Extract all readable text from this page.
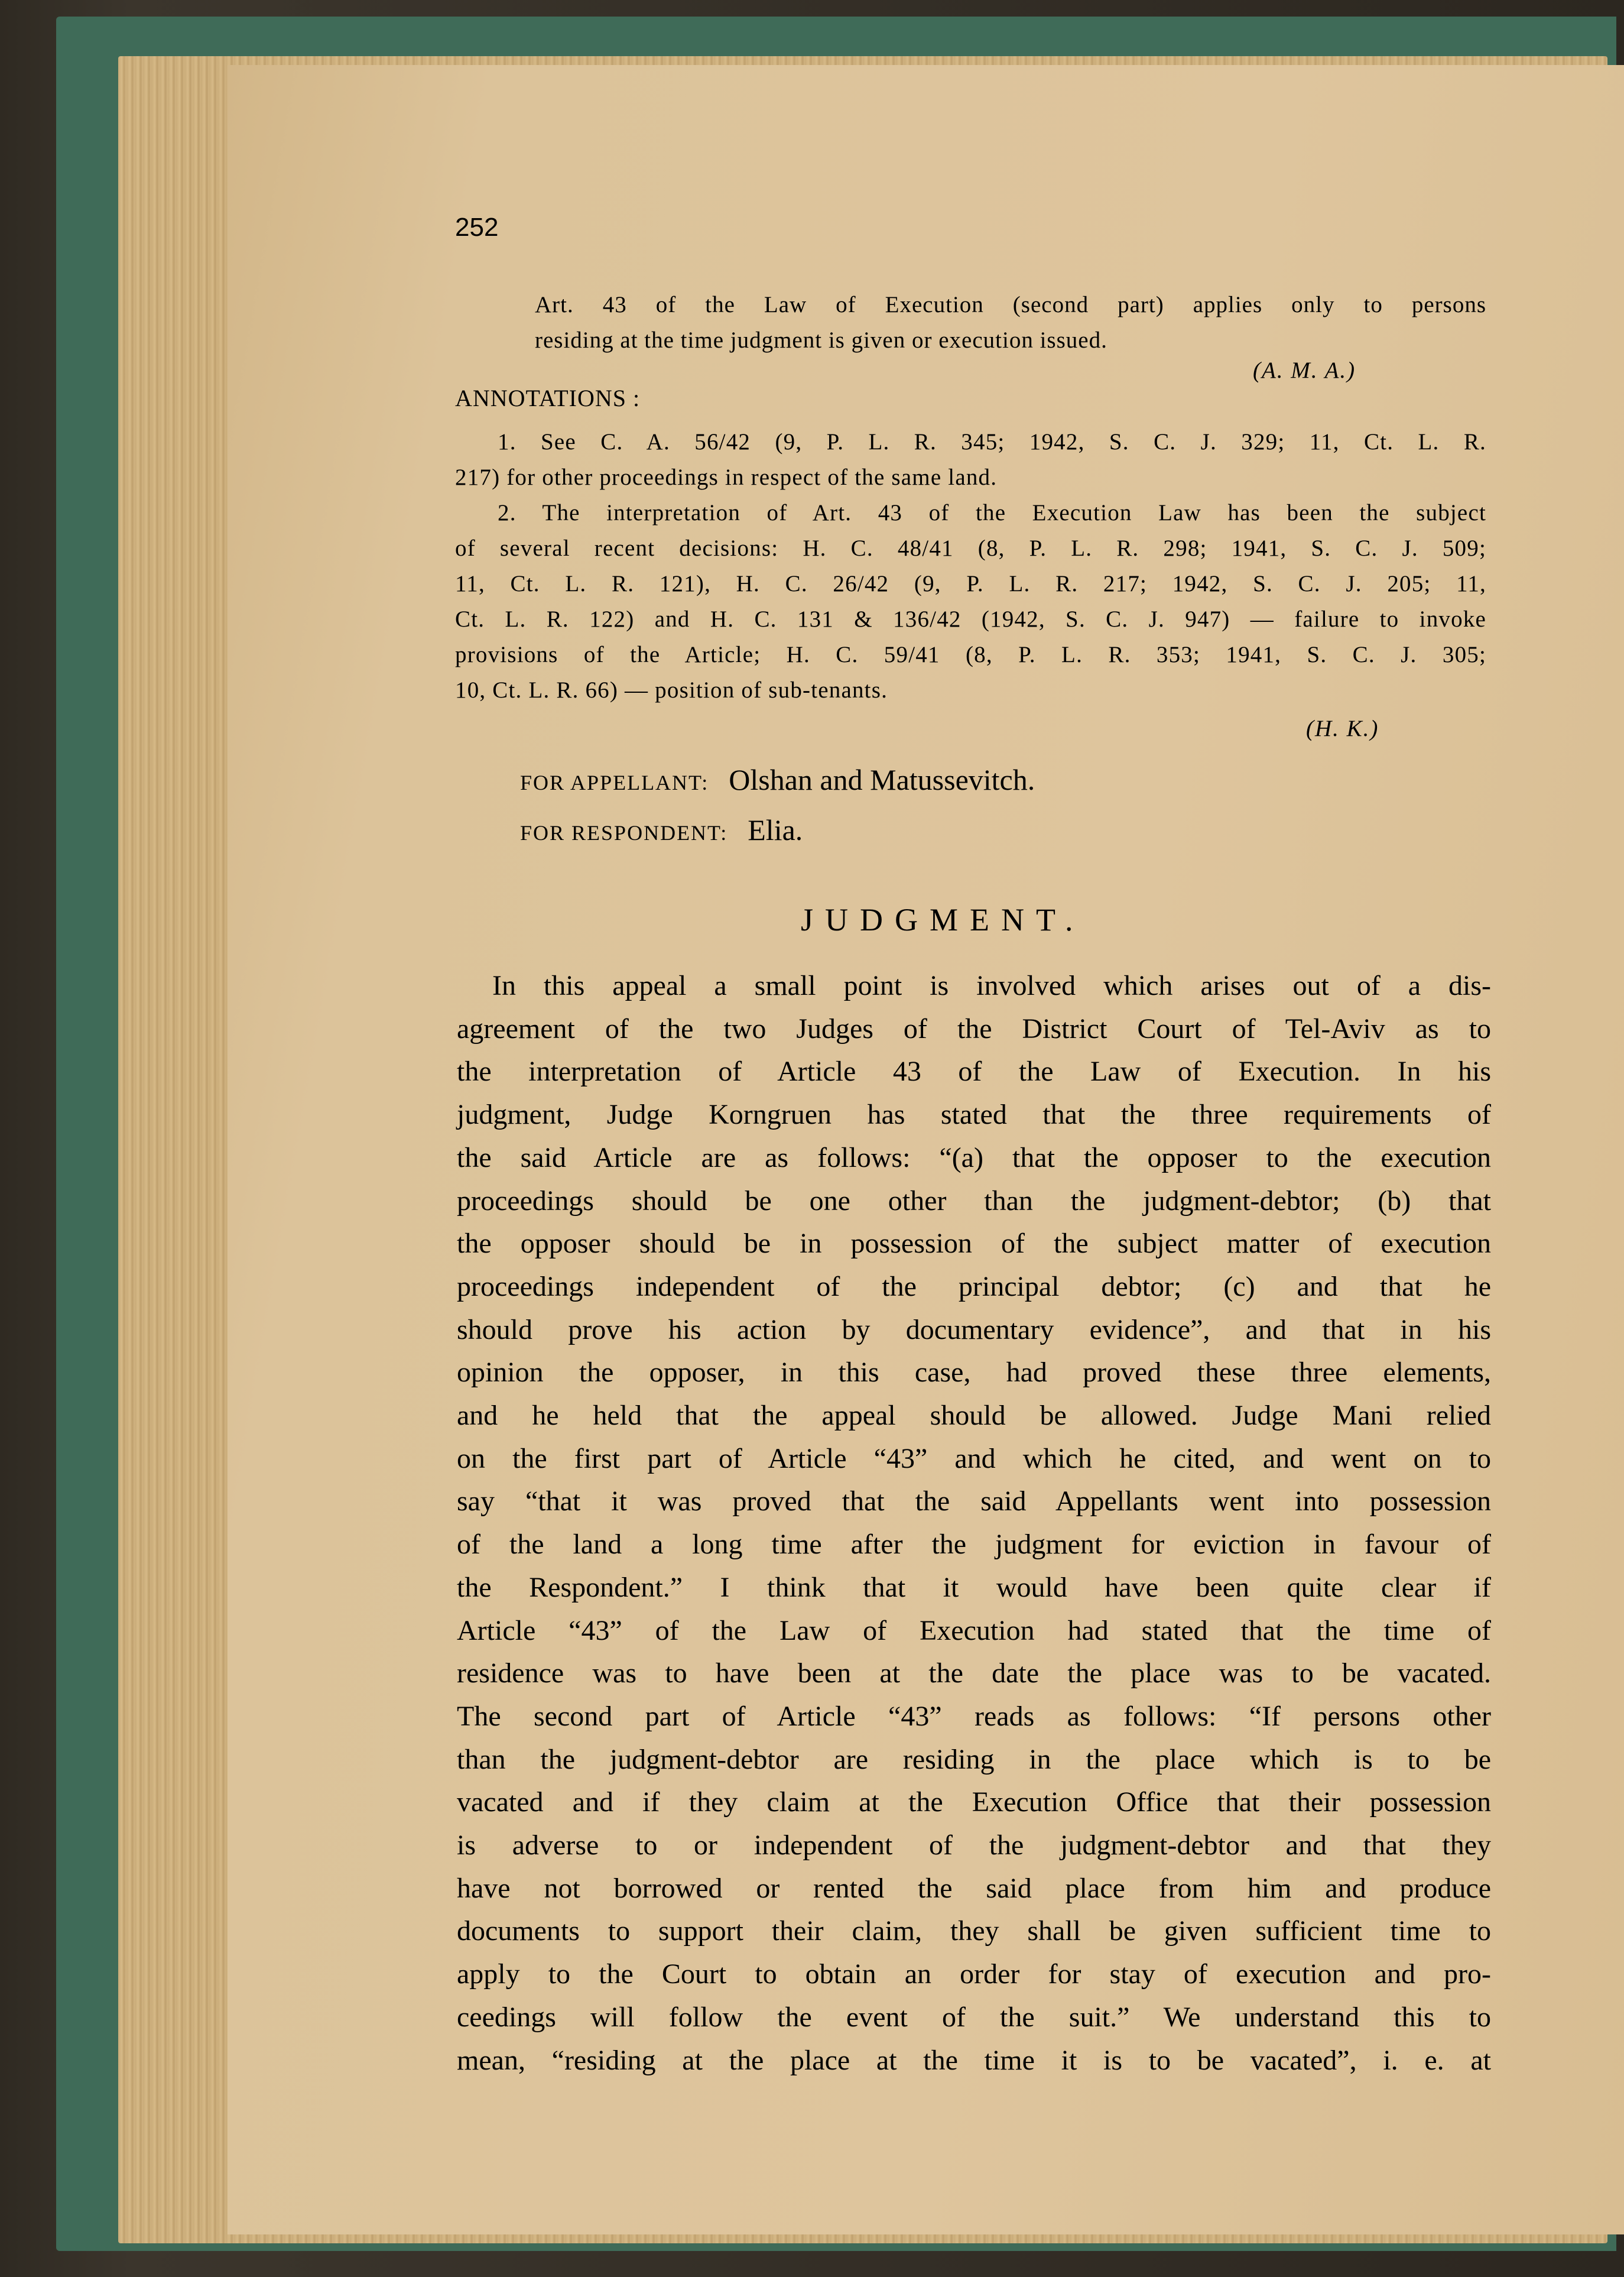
252
Art. 43 of the Law of Execution (second part) applies only to persons
residing at the time judgment is given or execution issued.
(A. M. A.)
ANNOTATIONS :
1. See C. A. 56/42 (9, P. L. R. 345; 1942, S. C. J. 329; 11, Ct. L. R.
217) for other proceedings in respect of the same land.
2. The interpretation of Art. 43 of the Execution Law has been the subject
of several recent decisions: H. C. 48/41 (8, P. L. R. 298; 1941, S. C. J. 509;
11, Ct. L. R. 121), H. C. 26/42 (9, P. L. R. 217; 1942, S. C. J. 205; 11,
Ct. L. R. 122) and H. C. 131 & 136/42 (1942, S. C. J. 947) — failure to invoke
provisions of the Article; H. C. 59/41 (8, P. L. R. 353; 1941, S. C. J. 305;
10, Ct. L. R. 66) — position of sub-tenants.
(H. K.)
FOR APPELLANT: Olshan and Matussevitch.
FOR RESPONDENT: Elia.
JUDGMENT.
In this appeal a small point is involved which arises out of a dis-
agreement of the two Judges of the District Court of Tel-Aviv as to
the interpretation of Article 43 of the Law of Execution. In his
judgment, Judge Korngruen has stated that the three requirements of
the said Article are as follows: “(a) that the opposer to the execution
proceedings should be one other than the judgment-debtor; (b) that
the opposer should be in possession of the subject matter of execution
proceedings independent of the principal debtor; (c) and that he
should prove his action by documentary evidence”, and that in his
opinion the opposer, in this case, had proved these three elements,
and he held that the appeal should be allowed. Judge Mani relied
on the first part of Article “43” and which he cited, and went on to
say “that it was proved that the said Appellants went into possession
of the land a long time after the judgment for eviction in favour of
the Respondent.” I think that it would have been quite clear if
Article “43” of the Law of Execution had stated that the time of
residence was to have been at the date the place was to be vacated.
The second part of Article “43” reads as follows: “If persons other
than the judgment-debtor are residing in the place which is to be
vacated and if they claim at the Execution Office that their possession
is adverse to or independent of the judgment-debtor and that they
have not borrowed or rented the said place from him and produce
documents to support their claim, they shall be given sufficient time to
apply to the Court to obtain an order for stay of execution and pro-
ceedings will follow the event of the suit.” We understand this to
mean, “residing at the place at the time it is to be vacated”, i. e. at
